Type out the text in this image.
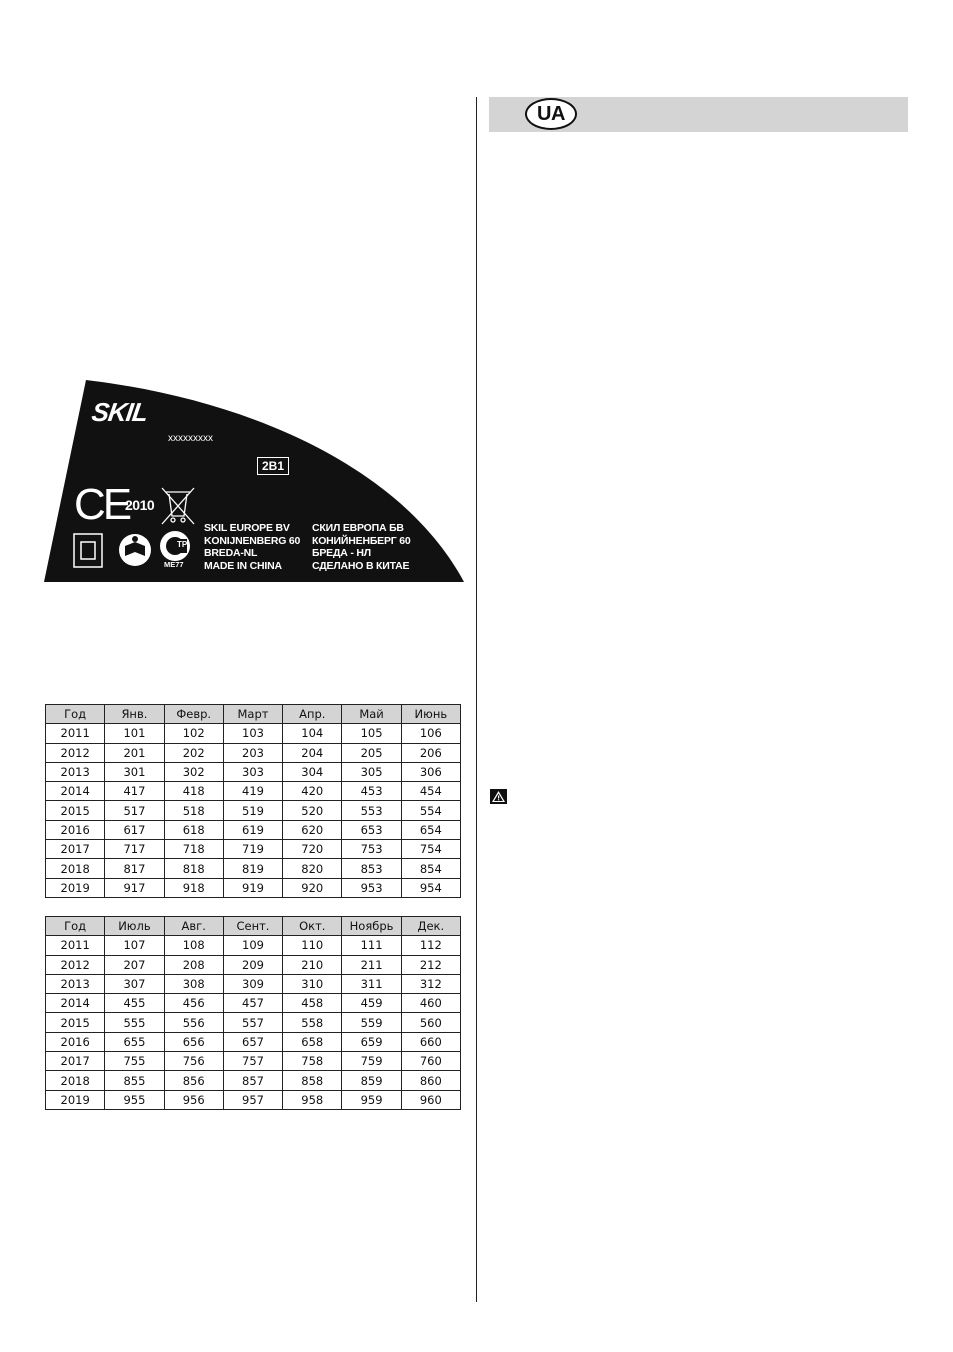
UA
SKIL
xxxxxxxxx
2B1
CE
2010
TP
ME77
SKIL EUROPE BV
KONIJNENBERG 60
BREDA-NL
MADE IN CHINA
СКИЛ ЕВРОПА БВ
КОНИЙНЕНБЕРГ 60
БРЕДА - НЛ
СДЕЛАНО В КИТАЕ
Год	Янв.	Февр.	Март	Апр.	Май	Июнь
2011	101	102	103	104	105	106
2012	201	202	203	204	205	206
2013	301	302	303	304	305	306
2014	417	418	419	420	453	454
2015	517	518	519	520	553	554
2016	617	618	619	620	653	654
2017	717	718	719	720	753	754
2018	817	818	819	820	853	854
2019	917	918	919	920	953	954
Год	Июль	Авг.	Сент.	Окт.	Ноябрь	Дек.
2011	107	108	109	110	111	112
2012	207	208	209	210	211	212
2013	307	308	309	310	311	312
2014	455	456	457	458	459	460
2015	555	556	557	558	559	560
2016	655	656	657	658	659	660
2017	755	756	757	758	759	760
2018	855	856	857	858	859	860
2019	955	956	957	958	959	960
